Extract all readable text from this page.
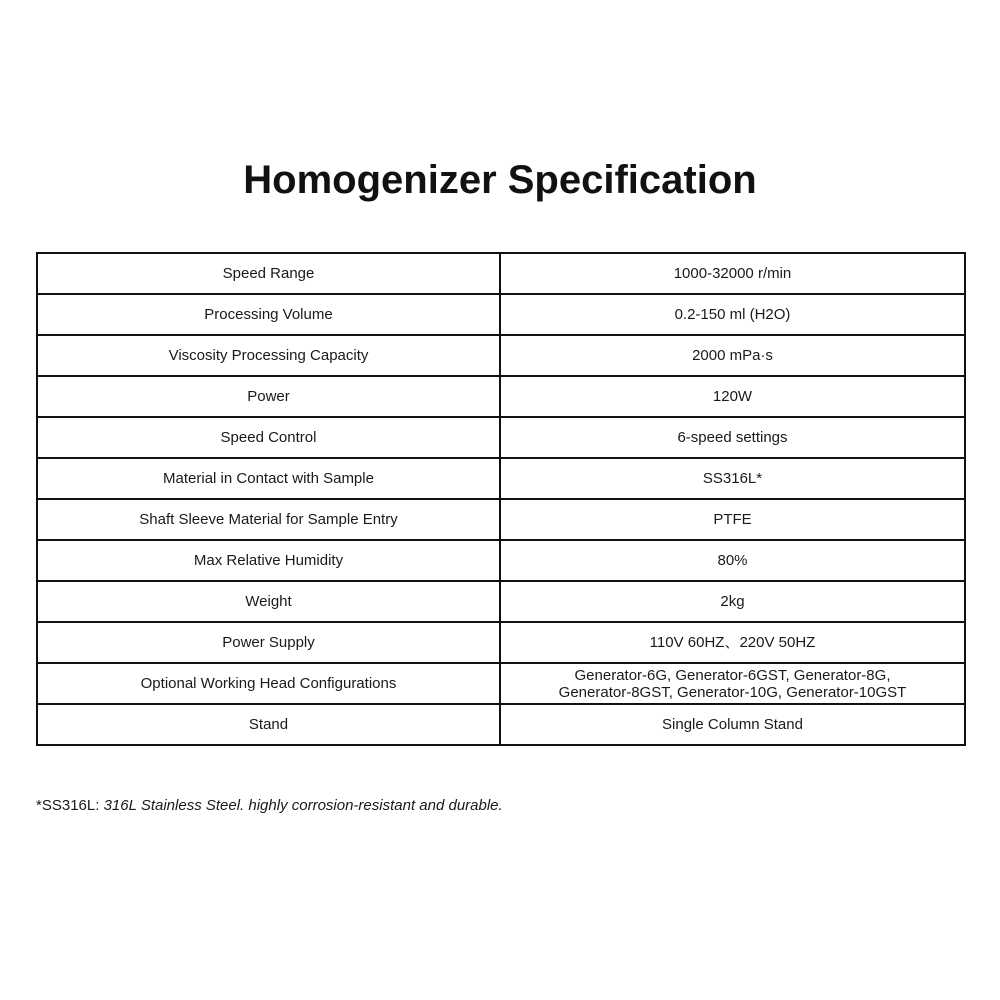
Homogenizer Specification
Speed Range	1000-32000 r/min
Processing Volume	0.2-150 ml (H2O)
Viscosity Processing Capacity	2000 mPa·s
Power	120W
Speed Control	6-speed settings
Material in Contact with Sample	SS316L*
Shaft Sleeve Material for Sample Entry	PTFE
Max Relative Humidity	80%
Weight	2kg
Power Supply	110V 60HZ、220V 50HZ
Optional Working Head Configurations	Generator-6G, Generator-6GST, Generator-8G,
Generator-8GST, Generator-10G, Generator-10GST
Stand	Single Column Stand
*SS316L: 316L Stainless Steel. highly corrosion-resistant and durable.
